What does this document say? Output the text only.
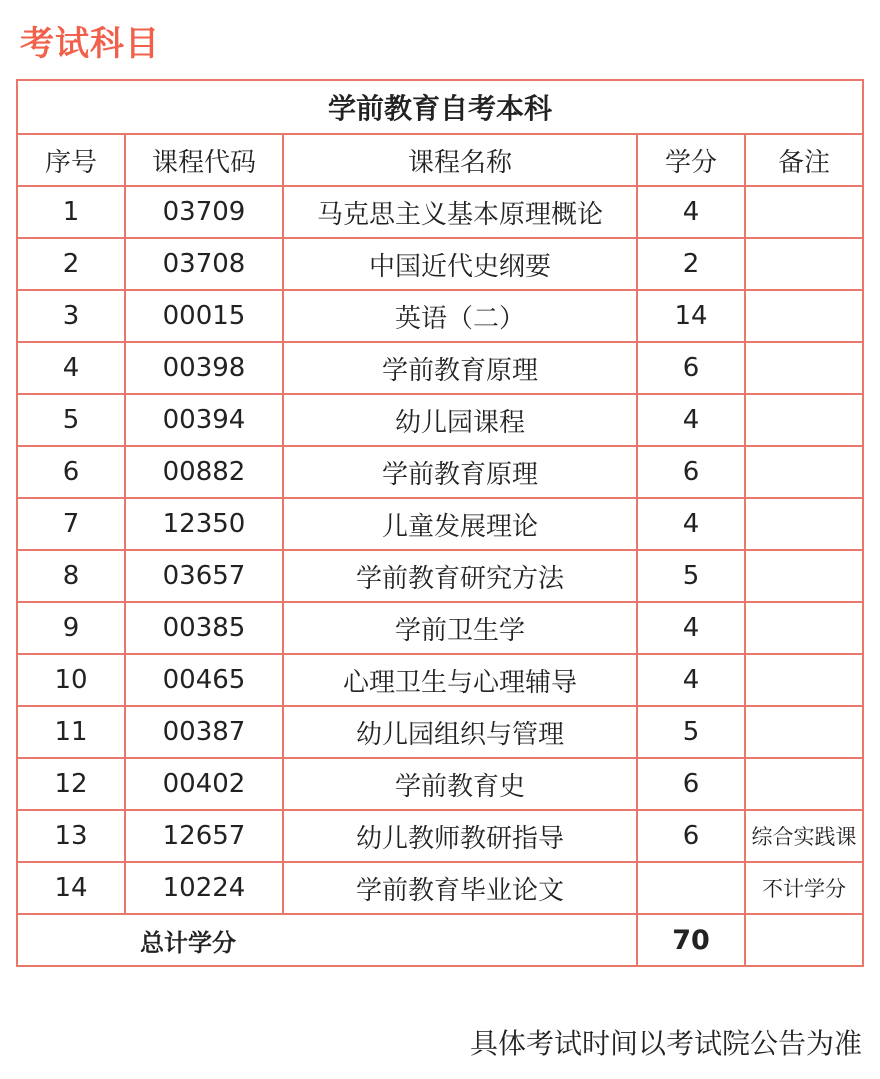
考试科目
学前教育自考本科				
序号	课程代码	课程名称	学分	备注
1	03709	马克思主义基本原理概论	4	
2	03708	中国近代史纲要	2	
3	00015	英语（二）	14	
4	00398	学前教育原理	6	
5	00394	幼儿园课程	4	
6	00882	学前教育原理	6	
7	12350	儿童发展理论	4	
8	03657	学前教育研究方法	5	
9	00385	学前卫生学	4	
10	00465	心理卫生与心理辅导	4	
11	00387	幼儿园组织与管理	5	
12	00402	学前教育史	6	
13	12657	幼儿教师教研指导	6	综合实践课
14	10224	学前教育毕业论文		不计学分
总计学分			70	
具体考试时间以考试院公告为准
